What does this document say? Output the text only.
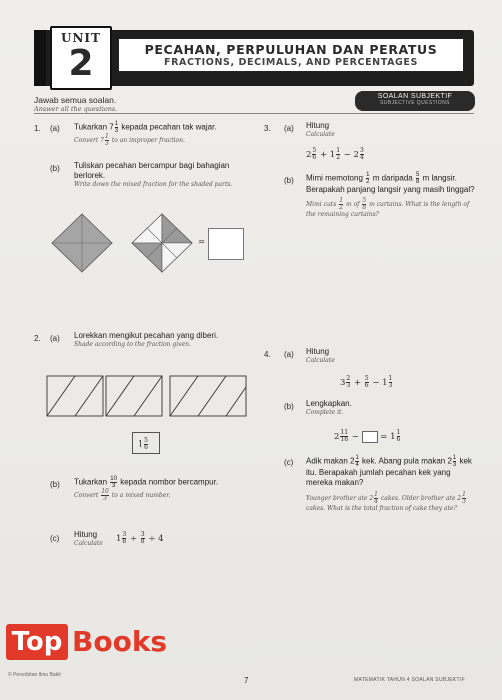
UNIT
2	PECAHAN, PERPULUHAN DAN PERATUS
FRACTIONS, DECIMALS, AND PERCENTAGES
Jawab semua soalan.
Answer all the questions.
SOALAN SUBJEKTIF
SUBJECTIVE QUESTIONS
1. (a) Tukarkan $7 \frac{1}{3}$ kepada pecahan tak wajar.
Convert $7 \frac{1}{3}$ to an improper fraction.
(b) Tuliskan pecahan bercampur bagi bahagian berlorek.
Write down the mixed fraction for the shaded parts.
=
2. (a) Lorekkan mengikut pecahan yang diberi.
Shade according to the fraction given.
$1 \frac{5}{6}$
(b) Tukarkan $\frac{10}{3}$ kepada nombor bercampur.
Convert $\frac{10}{3}$ to a mixed number.
(c) Hitung
Calculate	$1 \frac{3}{8} \div \frac{3}{8} \div 4$
3. (a) Hitung
Calculate
$2 \frac{5}{6} + 1 \frac{1}{2} - 2 \frac{3}{4}$
(b) Mimi memotong $\frac{1}{2}$ m daripada $\frac{5}{8}$ m langsir. Berapakah panjang langsir yang masih tinggal?
Mimi cuts $\frac{1}{2}$ m of $\frac{5}{8}$ m curtains. What is the length of the remaining curtains?
4. (a) Hitung
Calculate
$3 \frac{2}{3} + \frac{5}{6} - 1 \frac{1}{3}$
(b) Lengkapkan.
Complete it.
$2 \frac{11}{18}$ −	= $1 \frac{1}{6}$
(c) Adik makan $2 \frac{1}{4}$ kek. Abang pula makan $2 \frac{1}{3}$ kek itu. Berapakah jumlah pecahan kek yang mereka makan?
Younger brother ate $2 \frac{1}{4}$ cakes. Older brother ate $2 \frac{1}{3}$
cakes. What is the total fraction of cake they ate?
Top Books
© Penerbitan Ilmu Bakti
7	MATEMATIK TAHUN 4 SOALAN SUBJEKTIF
